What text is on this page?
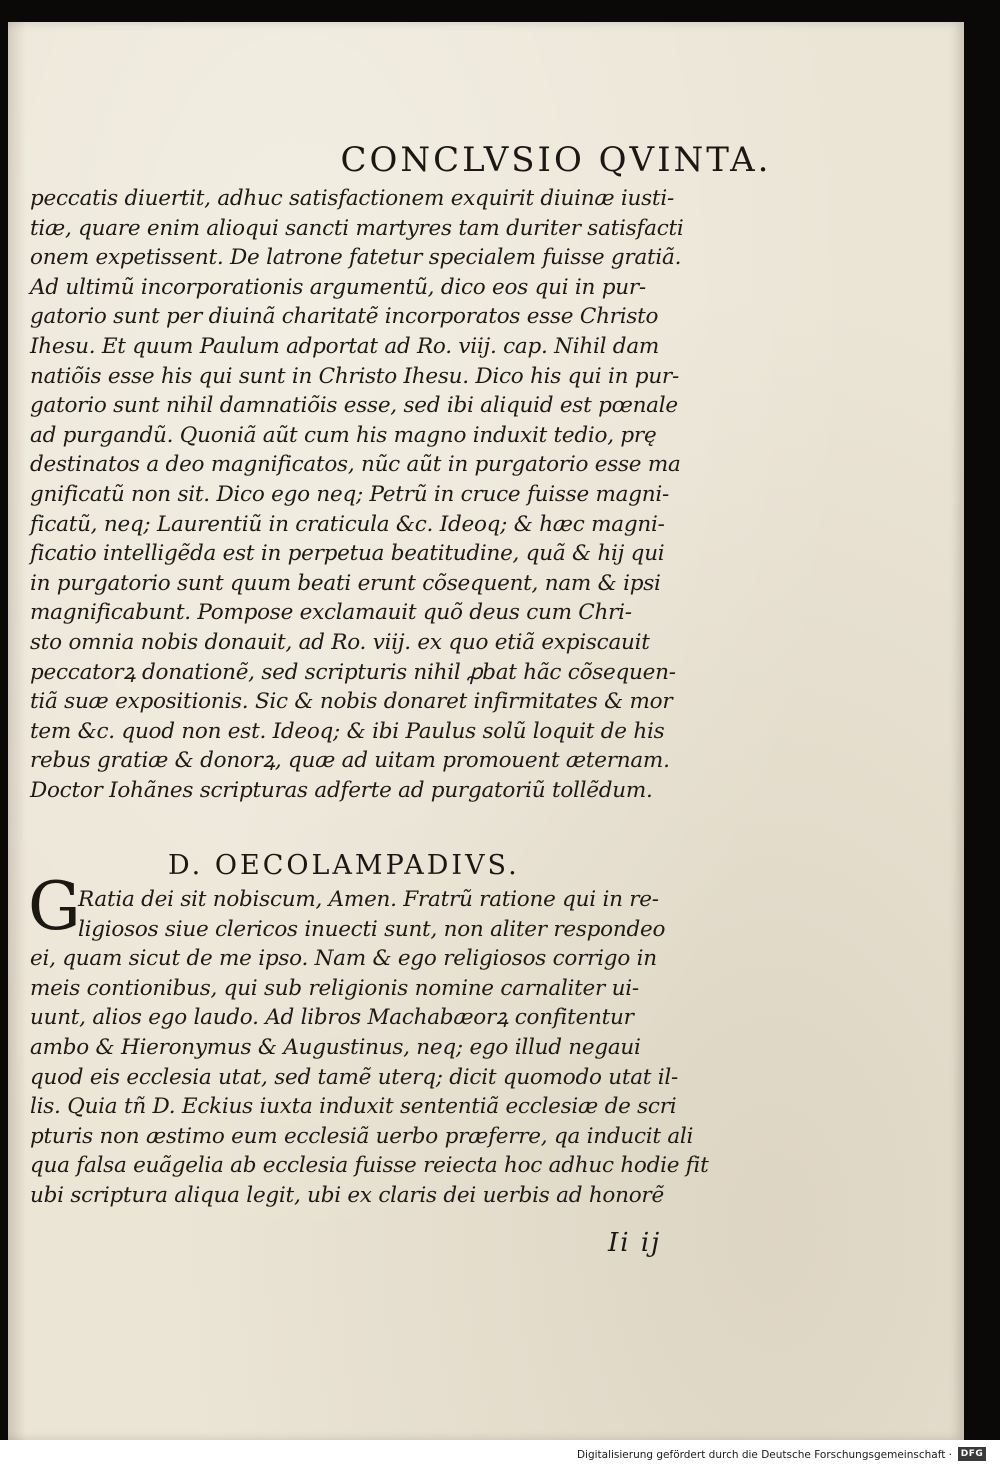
CONCLVSIO QVINTA.
peccatis diuertit, adhuc satisfactionem exquirit diuinæ iusti-
tiæ, quare enim alioqui sancti martyres tam duriter satisfacti
onem expetissent. De latrone fatetur specialem fuisse gratiã.
Ad ultimũ incorporationis argumentũ, dico eos qui in pur-
gatorio sunt per diuinã charitatẽ incorporatos esse Christo
Ihesu. Et quum Paulum adportat ad Ro. viij. cap. Nihil dam
natiõis esse his qui sunt in Christo Ihesu. Dico his qui in pur-
gatorio sunt nihil damnatiõis esse, sed ibi aliquid est pœnale
ad purgandũ. Quoniã aũt cum his magno induxit tedio, prę
destinatos a deo magnificatos, nũc aũt in purgatorio esse ma
gnificatũ non sit. Dico ego neq; Petrũ in cruce fuisse magni-
ficatũ, neq; Laurentiũ in craticula &c. Ideoq; & hæc magni-
ficatio intelligẽda est in perpetua beatitudine, quã & hij qui
in purgatorio sunt quum beati erunt cõsequent, nam & ipsi
magnificabunt. Pompose exclamauit quõ deus cum Chri-
sto omnia nobis donauit, ad Ro. viij. ex quo etiã expiscauit
peccatorꝝ donationẽ, sed scripturis nihil ꝓbat hãc cõsequen-
tiã suæ expositionis. Sic & nobis donaret infirmitates & mor
tem &c. quod non est. Ideoq; & ibi Paulus solũ loquit de his
rebus gratiæ & donorꝝ, quæ ad uitam promouent æternam.
Doctor Iohãnes scripturas adferte ad purgatoriũ tollẽdum.
D. OECOLAMPADIVS.
G
Ratia dei sit nobiscum, Amen. Fratrũ ratione qui in re-
ligiosos siue clericos inuecti sunt, non aliter respondeo
ei, quam sicut de me ipso. Nam & ego religiosos corrigo in
meis contionibus, qui sub religionis nomine carnaliter ui-
uunt, alios ego laudo. Ad libros Machabæorꝝ confitentur
ambo & Hieronymus & Augustinus, neq; ego illud negaui
quod eis ecclesia utat, sed tamẽ uterq; dicit quomodo utat il-
lis. Quia tñ D. Eckius iuxta induxit sententiã ecclesiæ de scri
pturis non æstimo eum ecclesiã uerbo præferre, qa inducit ali
qua falsa euãgelia ab ecclesia fuisse reiecta hoc adhuc hodie fit
ubi scriptura aliqua legit, ubi ex claris dei uerbis ad honorẽ
Ii ij
Digitalisierung gefördert durch die Deutsche Forschungsgemeinschaft · DFG
